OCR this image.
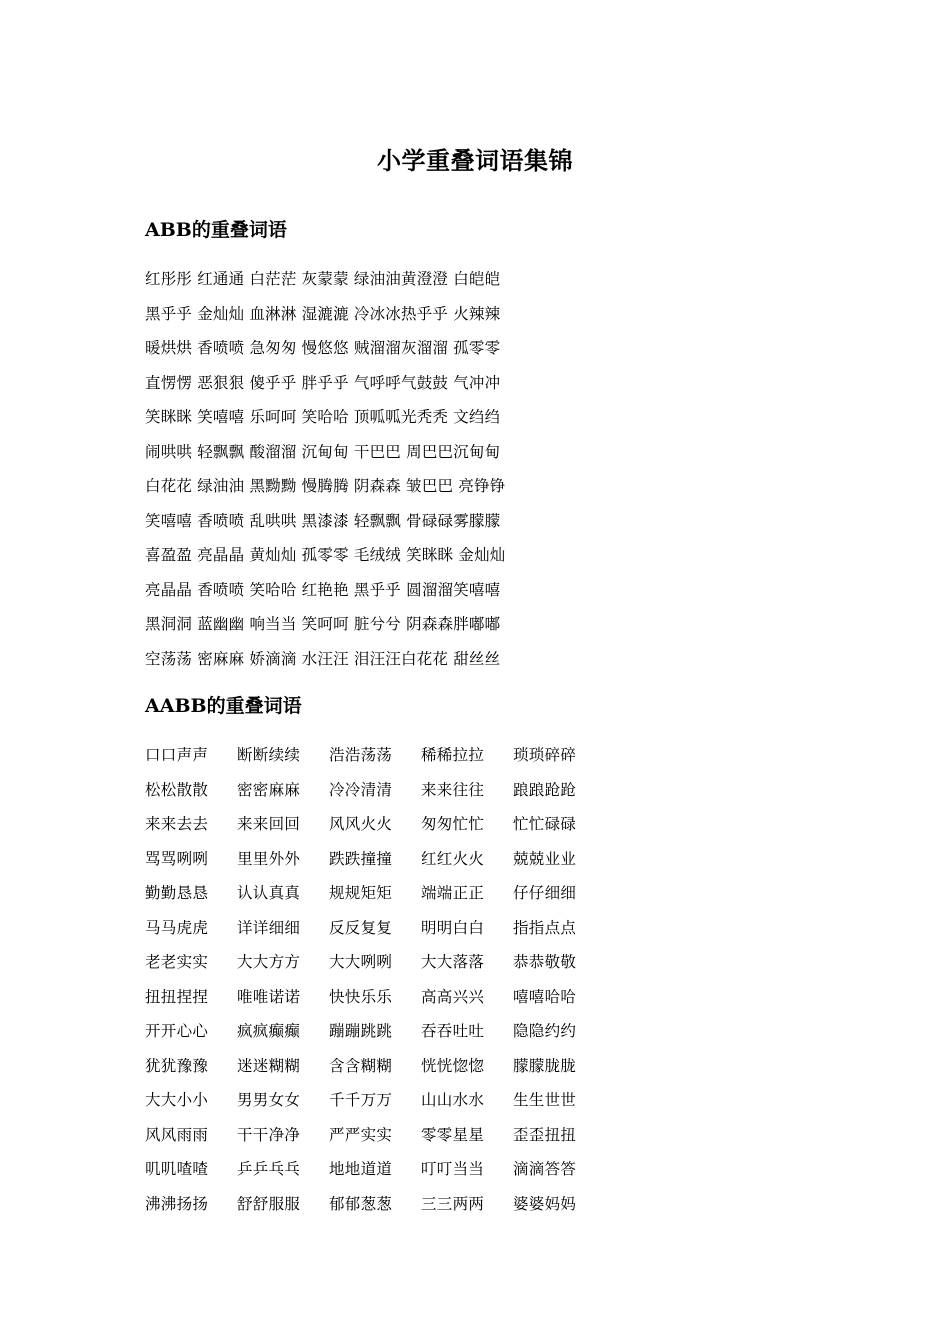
小学重叠词语集锦
ABB的重叠词语
红彤彤 红通通 白茫茫 灰蒙蒙 绿油油黄澄澄 白皑皑
黑乎乎 金灿灿 血淋淋 湿漉漉 冷冰冰热乎乎 火辣辣
暖烘烘 香喷喷 急匆匆 慢悠悠 贼溜溜灰溜溜 孤零零
直愣愣 恶狠狠 傻乎乎 胖乎乎 气呼呼气鼓鼓 气冲冲
笑眯眯 笑嘻嘻 乐呵呵 笑哈哈 顶呱呱光秃秃 文绉绉
闹哄哄 轻飘飘 酸溜溜 沉甸甸 干巴巴 周巴巴沉甸甸
白花花 绿油油 黑黝黝 慢腾腾 阴森森 皱巴巴 亮铮铮
笑嘻嘻 香喷喷 乱哄哄 黑漆漆 轻飘飘 骨碌碌雾朦朦
喜盈盈 亮晶晶 黄灿灿 孤零零 毛绒绒 笑眯眯 金灿灿
亮晶晶 香喷喷 笑哈哈 红艳艳 黑乎乎 圆溜溜笑嘻嘻
黑洞洞 蓝幽幽 响当当 笑呵呵 脏兮兮 阴森森胖嘟嘟
空荡荡 密麻麻 娇滴滴 水汪汪 泪汪汪白花花 甜丝丝
AABB的重叠词语
口口声声 断断续续 浩浩荡荡 稀稀拉拉 琐琐碎碎
松松散散 密密麻麻 冷冷清清 来来往往 踉踉跄跄
来来去去 来来回回 风风火火 匆匆忙忙 忙忙碌碌
骂骂咧咧 里里外外 跌跌撞撞 红红火火 兢兢业业
勤勤恳恳 认认真真 规规矩矩 端端正正 仔仔细细
马马虎虎 详详细细 反反复复 明明白白 指指点点
老老实实 大大方方 大大咧咧 大大落落 恭恭敬敬
扭扭捏捏 唯唯诺诺 快快乐乐 高高兴兴 嘻嘻哈哈
开开心心 疯疯癫癫 蹦蹦跳跳 吞吞吐吐 隐隐约约
犹犹豫豫 迷迷糊糊 含含糊糊 恍恍惚惚 朦朦胧胧
大大小小 男男女女 千千万万 山山水水 生生世世
风风雨雨 干干净净 严严实实 零零星星 歪歪扭扭
叽叽喳喳 乒乒乓乓 地地道道 叮叮当当 滴滴答答
沸沸扬扬 舒舒服服 郁郁葱葱 三三两两 婆婆妈妈
